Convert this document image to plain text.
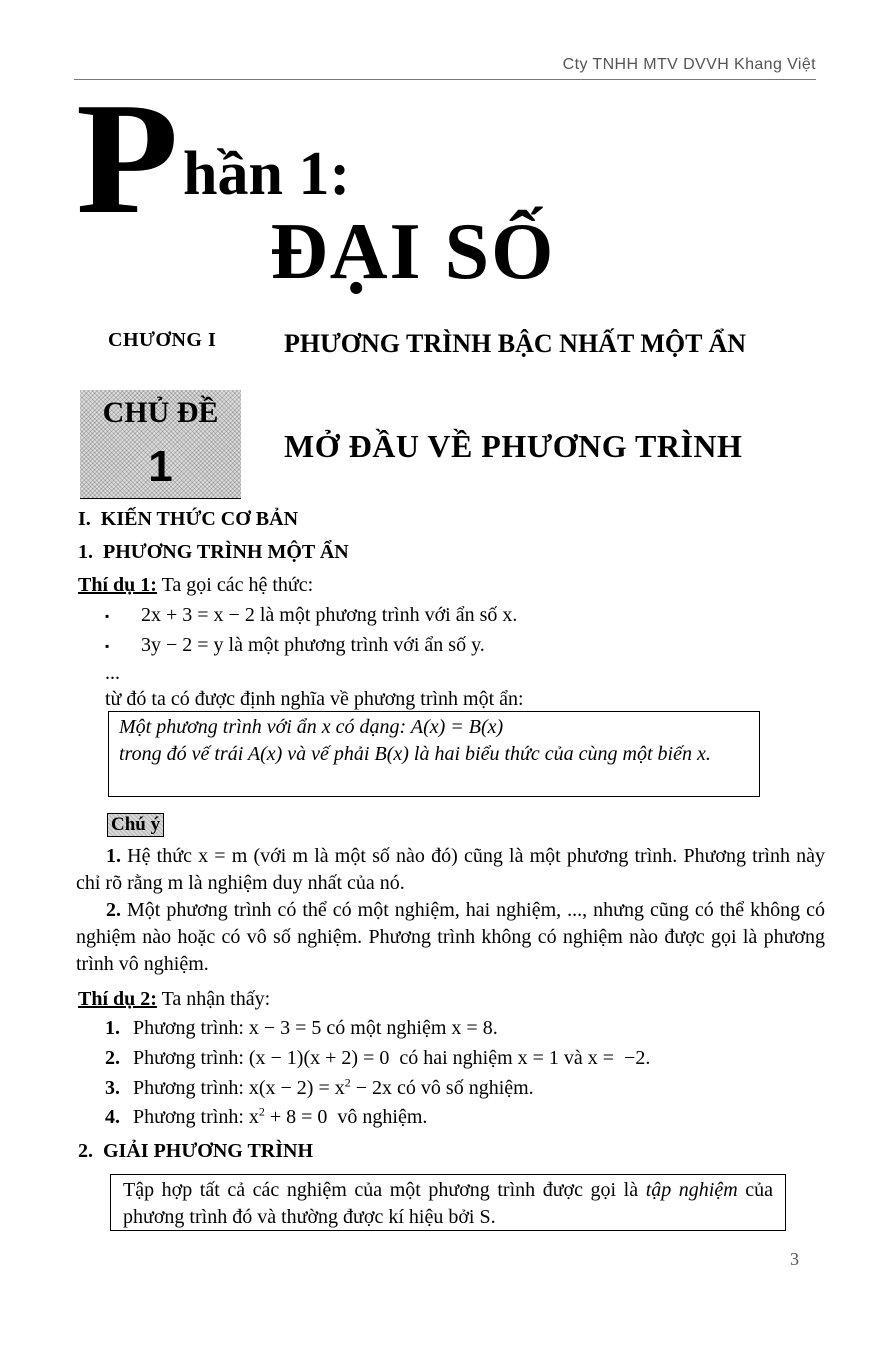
Cty TNHH MTV DVVH Khang Việt
P hần 1:
ĐẠI SỐ
CHƯƠNG I	PHƯƠNG TRÌNH BẬC NHẤT MỘT ẨN
CHỦ ĐỀ
1	MỞ ĐẦU VỀ PHƯƠNG TRÌNH
I.  KIẾN THỨC CƠ BẢN
1.  PHƯƠNG TRÌNH MỘT ẨN
Thí dụ 1: Ta gọi các hệ thức:
▪ 2x + 3 = x − 2 là một phương trình với ẩn số x.
▪ 3y − 2 = y là một phương trình với ẩn số y.
...
từ đó ta có được định nghĩa về phương trình một ẩn:
Một phương trình với ẩn x có dạng: A(x) = B(x)
trong đó vế trái A(x) và vế phải B(x) là hai biểu thức của cùng một biến x.
Chú ý
1. Hệ thức x = m (với m là một số nào đó) cũng là một phương trình. Phương trình này chỉ rõ rằng m là nghiệm duy nhất của nó.
2. Một phương trình có thể có một nghiệm, hai nghiệm, ..., nhưng cũng có thể không có nghiệm nào hoặc có vô số nghiệm. Phương trình không có nghiệm nào được gọi là phương trình vô nghiệm.
Thí dụ 2: Ta nhận thấy:
1. Phương trình: x − 3 = 5 có một nghiệm x = 8.
2. Phương trình: (x − 1)(x + 2) = 0  có hai nghiệm x = 1 và x =  −2.
3. Phương trình: $x(x - 2) = x^2 - 2x$ có vô số nghiệm.
4. Phương trình: $x^2 + 8 = 0$  vô nghiệm.
2.  GIẢI PHƯƠNG TRÌNH
Tập hợp tất cả các nghiệm của một phương trình được gọi là tập nghiệm của phương trình đó và thường được kí hiệu bởi S.
3
